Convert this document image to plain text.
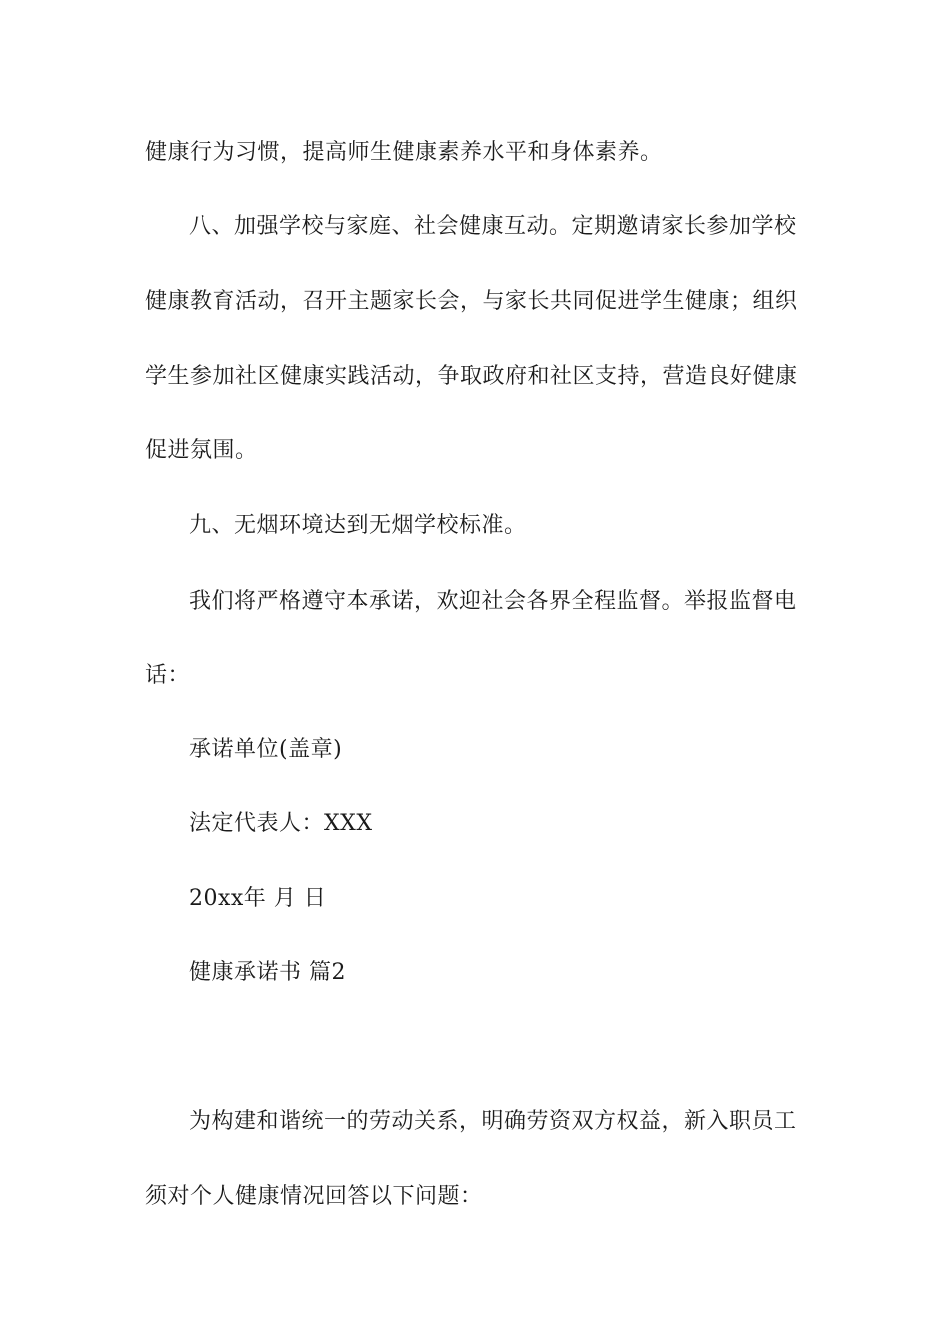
健康行为习惯，提高师生健康素养水平和身体素养。
八、加强学校与家庭、社会健康互动。定期邀请家长参加学校
健康教育活动，召开主题家长会，与家长共同促进学生健康；组织
学生参加社区健康实践活动，争取政府和社区支持，营造良好健康
促进氛围。
九、无烟环境达到无烟学校标准。
我们将严格遵守本承诺，欢迎社会各界全程监督。举报监督电
话：
承诺单位(盖章)
法定代表人：XXX
20xx年 月 日
健康承诺书 篇2
为构建和谐统一的劳动关系，明确劳资双方权益，新入职员工
须对个人健康情况回答以下问题：
